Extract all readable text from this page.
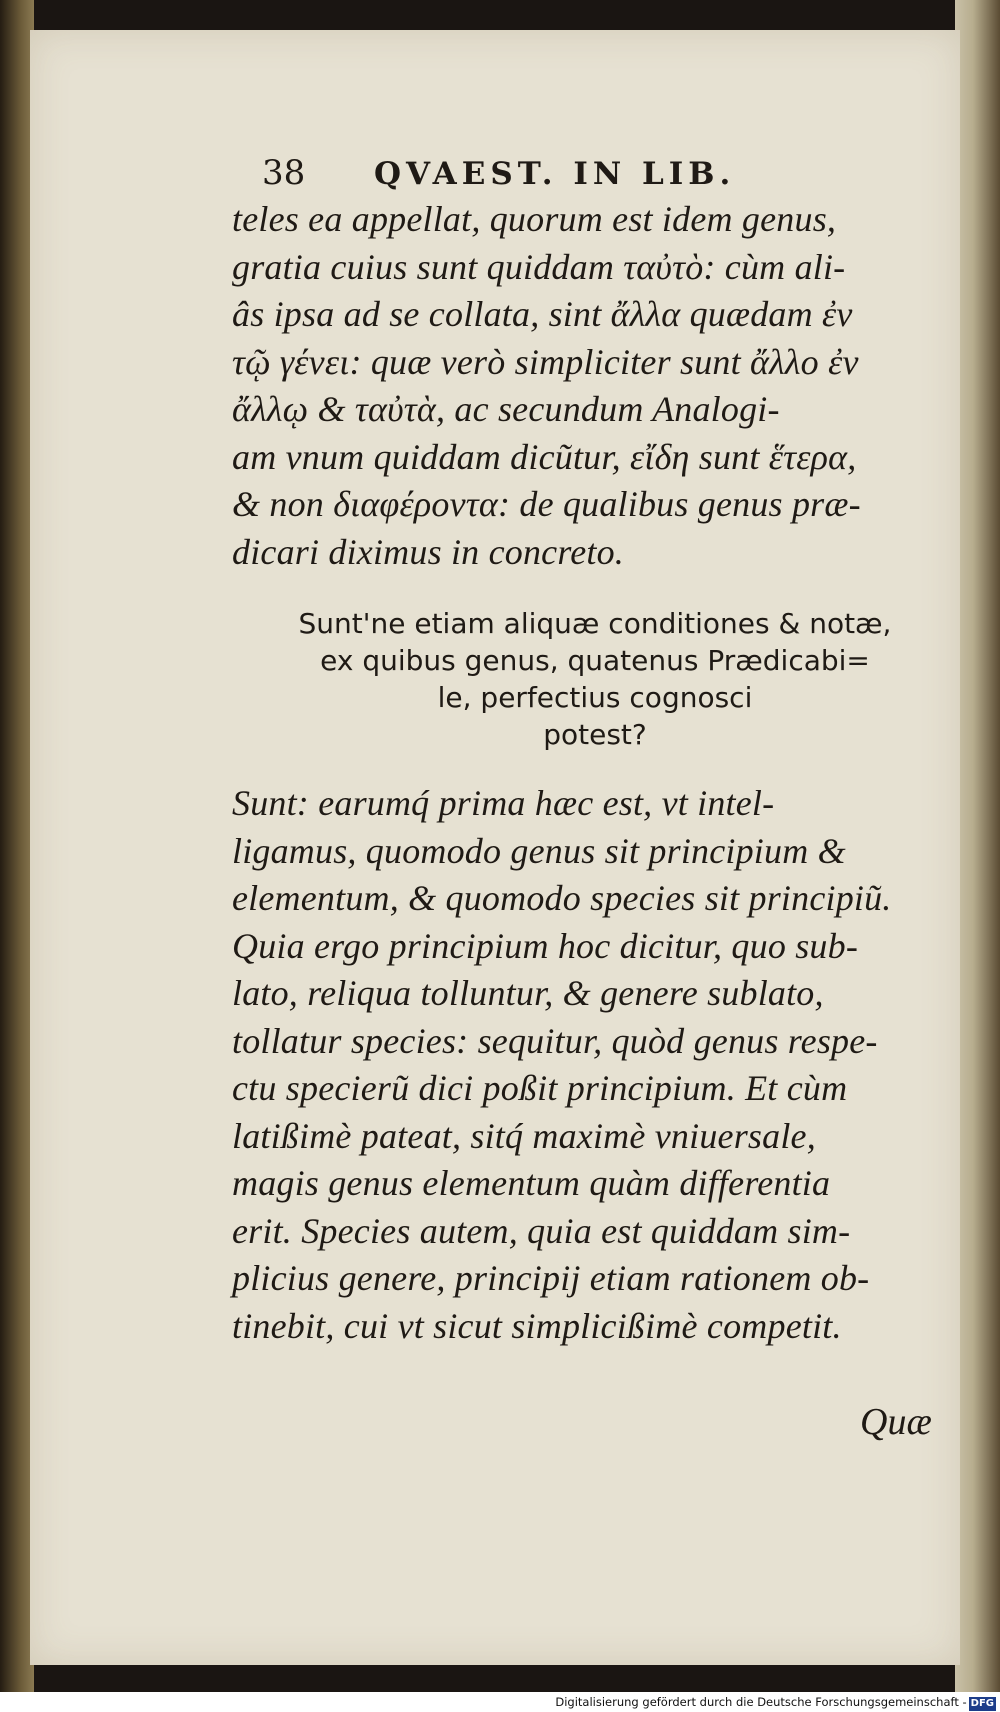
38 QVAEST. IN LIB.
teles ea appellat, quorum est idem genus,
gratia cuius sunt quiddam ταὐτὸ: cùm ali-
âs ipsa ad se collata, sint ἄλλα quædam ἐν
τῷ γένει: quæ verò simpliciter sunt ἄλλο ἐν
ἄλλῳ & ταὐτὰ, ac secundum Analogi-
am vnum quiddam dicũtur, εἴδη sunt ἕτερα,
& non διαφέροντα: de qualibus genus præ-
dicari diximus in concreto.
Sunt'ne etiam aliquæ conditiones & notæ,
ex quibus genus, quatenus Prædicabi=
le, perfectius cognosci
potest?
Sunt: earumq́ prima hæc est, vt intel-
ligamus, quomodo genus sit principium &
elementum, & quomodo species sit principiũ.
Quia ergo principium hoc dicitur, quo sub-
lato, reliqua tolluntur, & genere sublato,
tollatur species: sequitur, quòd genus respe-
ctu specierũ dici poßit principium. Et cùm
latißimè pateat, sitq́ maximè vniuersale,
magis genus elementum quàm differentia
erit. Species autem, quia est quiddam sim-
plicius genere, principij etiam rationem ob-
tinebit, cui vt sicut simplicißimè competit.
Quæ
Digitalisierung gefördert durch die Deutsche Forschungsgemeinschaft - DFG
